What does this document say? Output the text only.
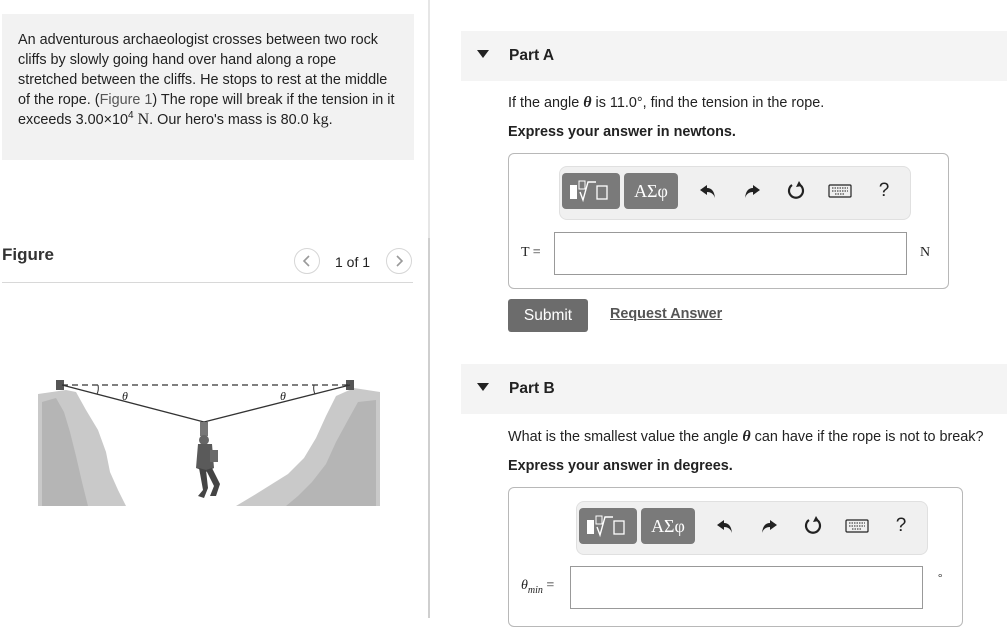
An adventurous archaeologist crosses between two rock cliffs by slowly going hand over hand along a rope stretched between the cliffs. He stops to rest at the middle of the rope. (Figure 1) The rope will break if the tension in it exceeds $3.00\times 10^4$ N. Our hero's mass is 80.0 kg.
Figure	1 of 1
θ	θ
Part A
If the angle θ is 11.0°, find the tension in the rope.
Express your answer in newtons.
ΑΣφ	?
T =	N
Submit	Request Answer
Part B
What is the smallest value the angle θ can have if the rope is not to break?
Express your answer in degrees.
ΑΣφ	?
$\theta_{min}$ =	°
